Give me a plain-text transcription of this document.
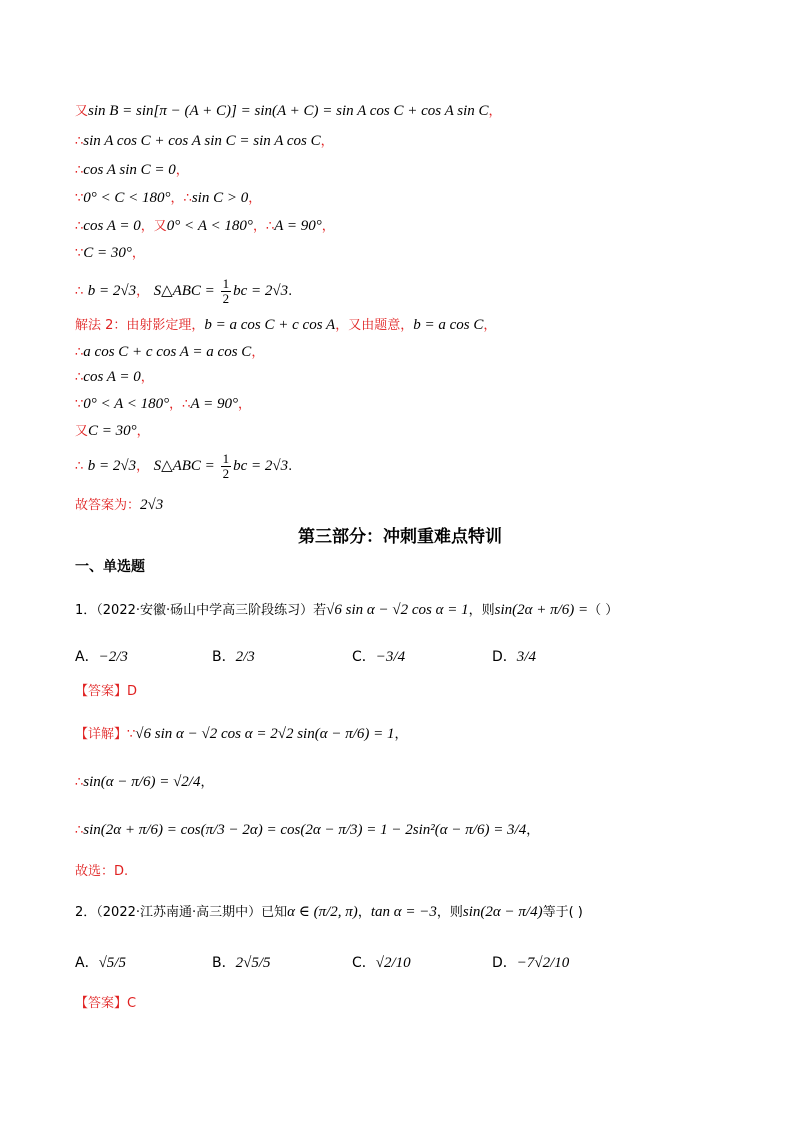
又sin B = sin[π − (A + C)] = sin(A + C) = sin A cos C + cos A sin C，
∴sin A cos C + cos A sin C = sin A cos C，
∴cos A sin C = 0，
∵0° < C < 180°，∴sin C > 0，
∴cos A = 0，又0° < A < 180°，∴A = 90°，
∵C = 30°，
∴ b = 2√3， S△ABC = $\frac{1}{2}$ bc = 2√3.
解法 2：由射影定理，b = a cos C + c cos A，又由题意，b = a cos C，
∴a cos C + c cos A = a cos C，
∴cos A = 0，
∵0° < A < 180°，∴A = 90°，
又C = 30°，
∴ b = 2√3， S△ABC = $\frac{1}{2}$ bc = 2√3.
故答案为：2√3
第三部分：冲刺重难点特训
一、单选题
1．（2022·安徽·砀山中学高三阶段练习）若√6 sin α − √2 cos α = 1，则sin(2α + π/6) =（ ）
A．−2/3	B．2/3	C．−3/4	D．3/4
【答案】D
【详解】∵√6 sin α − √2 cos α = 2√2 sin(α − π/6) = 1，
∴sin(α − π/6) = √2/4，
∴sin(2α + π/6) = cos(π/3 − 2α) = cos(2α − π/3) = 1 − 2sin²(α − π/6) = 3/4，
故选：D.
2．（2022·江苏南通·高三期中）已知α ∈ (π/2, π)，tan α = −3，则sin(2α − π/4)等于( )
A．√5/5	B．2√5/5	C．√2/10	D．−7√2/10
【答案】C
